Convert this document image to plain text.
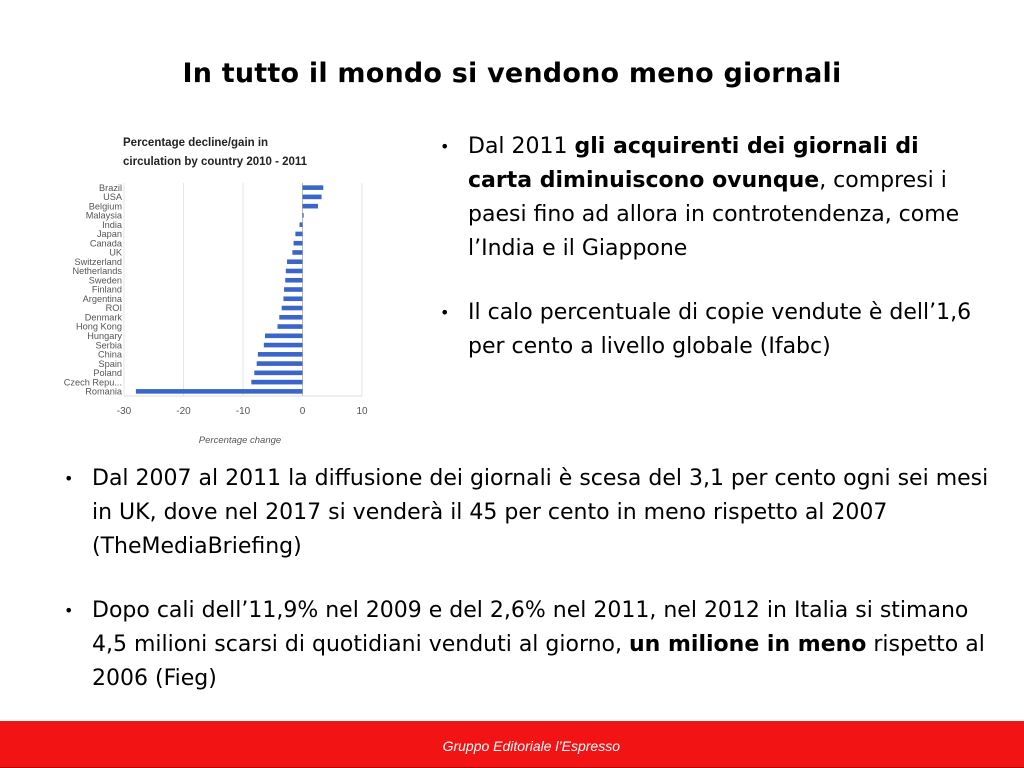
In tutto il mondo si vendono meno giornali
Percentage decline/gain in
circulation by country 2010 - 2011
Brazil
USA
Belgium
Malaysia
India
Japan
Canada
UK
Switzerland
Netherlands
Sweden
Finland
Argentina
ROI
Denmark
Hong Kong
Hungary
Serbia
China
Spain
Poland
Czech Repu...
Romania
-30	-20	-10	0	10
Percentage change
• Dal 2011 gli acquirenti dei giornali di carta diminuiscono ovunque, compresi i paesi fino ad allora in controtendenza, come l’India e il Giappone
• Il calo percentuale di copie vendute è dell’1,6 per cento a livello globale (Ifabc)
• Dal 2007 al 2011 la diffusione dei giornali è scesa del 3,1 per cento ogni sei mesi in UK, dove nel 2017 si venderà il 45 per cento in meno rispetto al 2007 (TheMediaBriefing)
• Dopo cali dell’11,9% nel 2009 e del 2,6% nel 2011, nel 2012 in Italia si stimano 4,5 milioni scarsi di quotidiani venduti al giorno, un milione in meno rispetto al 2006 (Fieg)
Gruppo Editoriale l’Espresso
